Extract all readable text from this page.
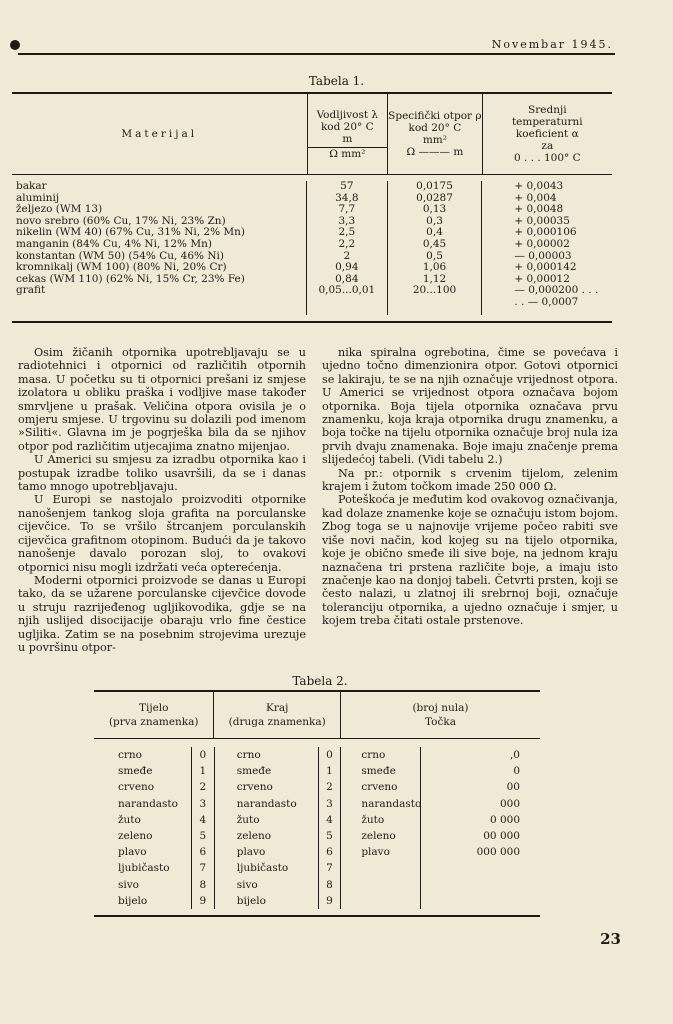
Novembar 1945.
Tabela 1.
Materijal
Vodljivost λ
kod 20° C
m
Ω mm²
Specifički otpor ρ
kod 20° C
mm²
Ω ——— m
Srednji
temperaturni
koeficient α
za
0 . . . 100° C
bakar
aluminij
željezo (WM 13)
novo srebro (60% Cu, 17% Ni, 23% Zn)
nikelin (WM 40) (67% Cu, 31% Ni, 2% Mn)
manganin (84% Cu, 4% Ni, 12% Mn)
konstantan (WM 50) (54% Cu, 46% Ni)
kromnikalj (WM 100) (80% Ni, 20% Cr)
cekas (WM 110) (62% Ni, 15% Cr, 23% Fe)
grafit
57
34,8
7,7
3,3
2,5
2,2
2
0,94
0,84
0,05...0,01
0,0175
0,0287
0,13
0,3
0,4
0,45
0,5
1,06
1,12
20...100
+ 0,0043
+ 0,004
+ 0,0048
+ 0,00035
+ 0,000106
+ 0,00002
— 0,00003
+ 0,000142
+ 0,00012
— 0,000200 . . .
. . — 0,0007

Osim žičanih otpornika upotrebljavaju se u radiotehnici i otpornici od različitih otpornih masa. U početku su ti otpornici prešani iz smjese izolatora u obliku praška i vodljive mase također smrvljene u prašak. Veličina otpora ovisila je o omjeru smjese. U trgovinu su dolazili pod imenom »Siliti«. Glavna im je pogrješka bila da se njihov otpor pod različitim utjecajima znatno mijenjao.

U Americi su smjesu za izradbu otpornika kao i postupak izradbe toliko usavršili, da se i danas tamo mnogo upotrebljavaju.

U Europi se nastojalo proizvoditi otpornike nanošenjem tankog sloja grafita na porculanske cijevčice. To se vršilo štrcanjem porculanskih cijevčica grafitnom otopinom. Budući da je takovo nanošenje davalo porozan sloj, to ovakovi otpornici nisu mogli izdržati veća opterećenja.

Moderni otpornici proizvode se danas u Europi tako, da se užarene porculanske cijevčice dovode u struju razrijeđenog ugljikovodika, gdje se na njih uslijed disocijacije obaraju vrlo fine čestice ugljika. Zatim se na posebnim strojevima urezuje u površinu otpor-

nika spiralna ogrebotina, čime se povećava i ujedno točno dimenzionira otpor. Gotovi otpornici se lakiraju, te se na njih označuje vrijednost otpora. U Americi se vrijednost otpora označava bojom otpornika. Boja tijela otpornika označava prvu znamenku, koja kraja otpornika drugu znamenku, a boja točke na tijelu otpornika označuje broj nula iza prvih dvaju znamenaka. Boje imaju značenje prema slijedećoj tabeli. (Vidi tabelu 2.)

Na pr.: otpornik s crvenim tijelom, zelenim krajem i žutom točkom imade 250 000 Ω.

Poteškoća je međutim kod ovakovog označivanja, kad dolaze znamenke koje se označuju istom bojom. Zbog toga se u najnovije vrijeme počeo rabiti sve više novi način, kod kojeg su na tijelo otpornika, koje je obično smeđe ili sive boje, na jednom kraju naznačena tri prstena različite boje, a imaju isto značenje kao na donjoj tabeli. Četvrti prsten, koji se često nalazi, u zlatnoj ili srebrnoj boji, označuje toleranciju otpornika, a ujedno označuje i smjer, u kojem treba čitati ostale prstenove.

Tabela 2.
Tijelo
(prva znamenka)
Kraj
(druga znamenka)
(broj nula)
Točka
crno
smeđe
crveno
narandasto
žuto
zeleno
plavo
ljubičasto
sivo
bijelo
0
1
2
3
4
5
6
7
8
9
crno
smeđe
crveno
narandasto
žuto
zeleno
plavo
ljubičasto
sivo
bijelo
0
1
2
3
4
5
6
7
8
9
crno
smeđe
crveno
narandasto
žuto
zeleno
plavo
,0
0
00
000
0 000
00 000
000 000
23
